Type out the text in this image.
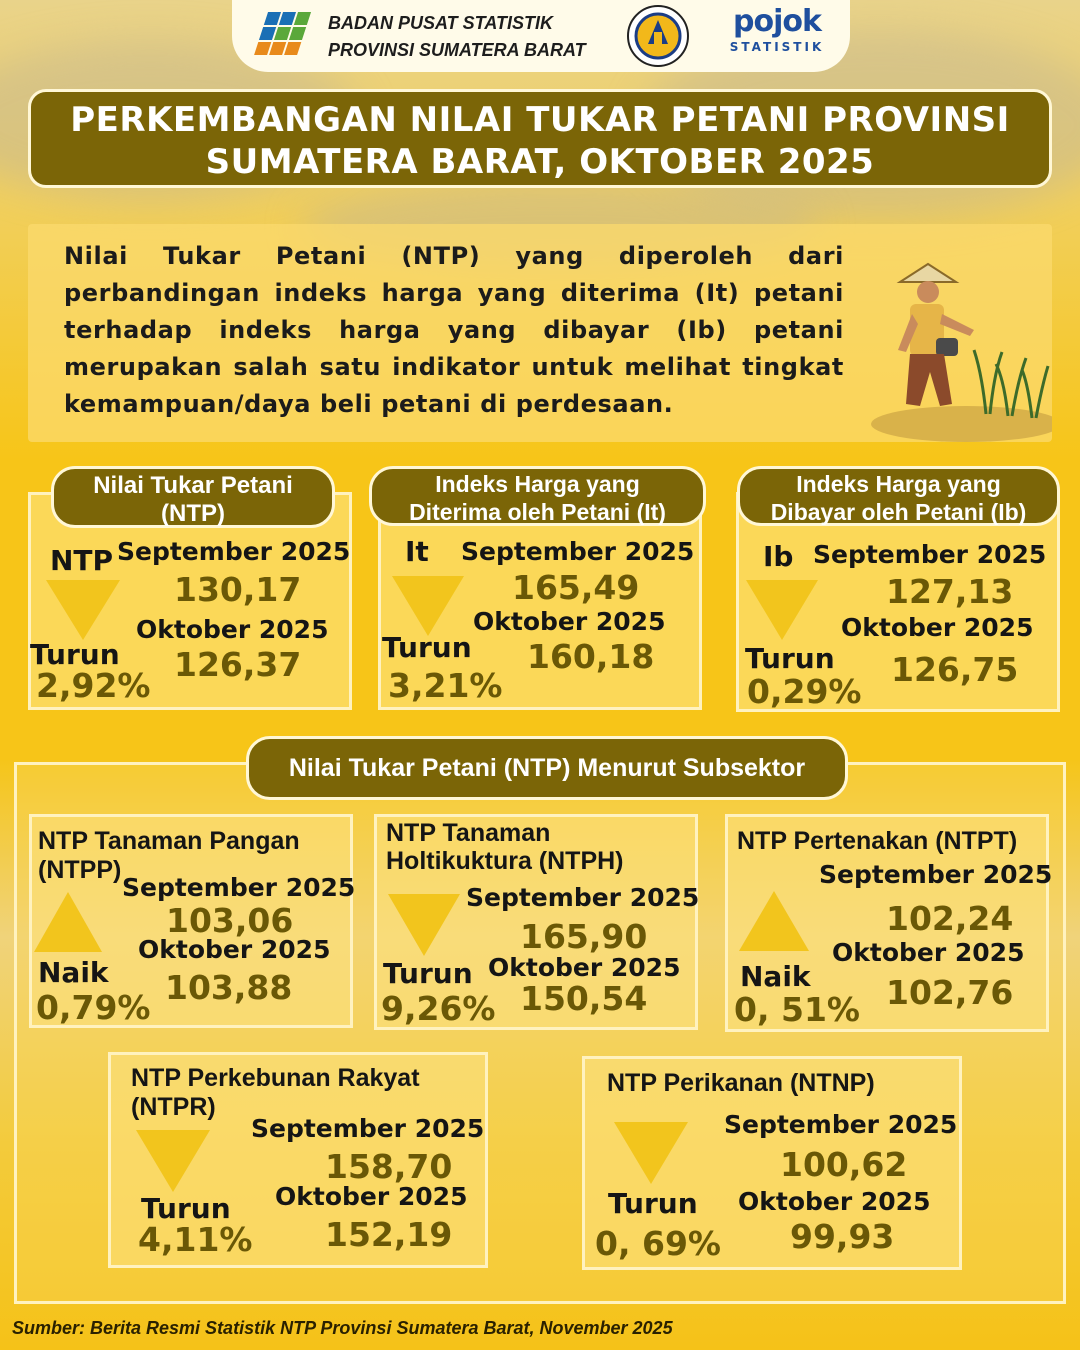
BADAN PUSAT STATISTIK
PROVINSI SUMATERA BARAT
pojok
STATISTIK
PERKEMBANGAN NILAI TUKAR PETANI PROVINSI
SUMATERA BARAT, OKTOBER 2025
Nilai Tukar Petani (NTP) yang diperoleh dari perbandingan indeks harga yang diterima (It) petani terhadap indeks harga yang dibayar (Ib) petani merupakan salah satu indikator untuk melihat tingkat kemampuan/daya beli petani di perdesaan.
Nilai Tukar Petani
(NTP)
NTP September 2025
130,17
Oktober 2025
Turun 126,37
2,92%
Indeks Harga yang
Diterima oleh Petani (It)
It September 2025
165,49
Oktober 2025
Turun 160,18
3,21%
Indeks Harga yang
Dibayar oleh Petani (Ib)
Ib September 2025
127,13
Oktober 2025
Turun 126,75
0,29%
Nilai Tukar Petani (NTP) Menurut Subsektor
NTP Tanaman Pangan
(NTPP)
September 2025
103,06
Oktober 2025
Naik 103,88
0,79%
NTP Tanaman
Holtikuktura (NTPH)
September 2025
165,90
Turun Oktober 2025
150,54
9,26%
NTP Pertenakan (NTPT)
September 2025
102,24
Oktober 2025
Naik 102,76
0, 51%
NTP Perkebunan Rakyat
(NTPR)
September 2025
158,70
Oktober 2025
Turun
152,19
4,11%
NTP Perikanan (NTNP)
September 2025
100,62
Turun Oktober 2025
99,93
0, 69%
Sumber: Berita Resmi Statistik NTP Provinsi Sumatera Barat, November 2025
